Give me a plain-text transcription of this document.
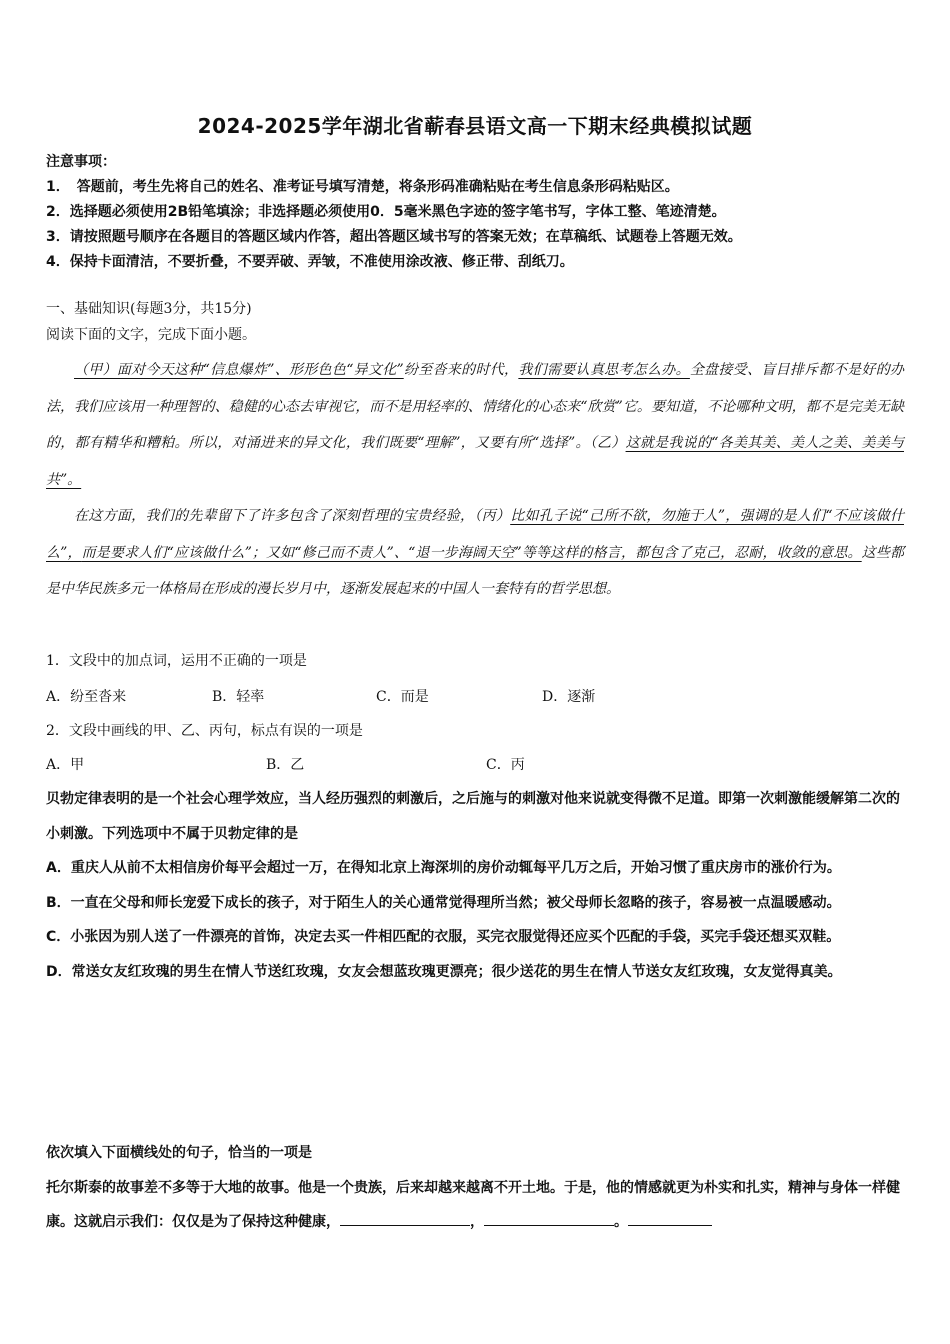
2024-2025学年湖北省蕲春县语文高一下期末经典模拟试题
注意事项：
1．　答题前，考生先将自己的姓名、准考证号填写清楚，将条形码准确粘贴在考生信息条形码粘贴区。
2．选择题必须使用2B铅笔填涂；非选择题必须使用0．5毫米黑色字迹的签字笔书写，字体工整、笔迹清楚。
3．请按照题号顺序在各题目的答题区域内作答，超出答题区域书写的答案无效；在草稿纸、试题卷上答题无效。
4．保持卡面清洁，不要折叠，不要弄破、弄皱，不准使用涂改液、修正带、刮纸刀。
一、基础知识(每题3分，共15分)
阅读下面的文字，完成下面小题。

（甲）面对今天这种“信息爆炸”、形形色色“异文化”纷至沓来的时代，我们需要认真思考怎么办。全盘接受、盲目排斥都不是好的办法，我们应该用一种理智的、稳健的心态去审视它，而不是用轻率的、情绪化的心态来“欣赏”它。要知道，不论哪种文明，都不是完美无缺的，都有精华和糟粕。所以，对涌进来的异文化，我们既要“理解”，又要有所“选择”。（乙）这就是我说的“各美其美、美人之美、美美与共”。

在这方面，我们的先辈留下了许多包含了深刻哲理的宝贵经验，（丙）比如孔子说“己所不欲，勿施于人”，强调的是人们“不应该做什么”，而是要求人们“应该做什么”；又如“修己而不责人”、“退一步海阔天空”等等这样的格言，都包含了克己，忍耐，收敛的意思。这些都是中华民族多元一体格局在形成的漫长岁月中，逐渐发展起来的中国人一套特有的哲学思想。

1．文段中的加点词，运用不正确的一项是
A．纷至沓来	B．轻率	C．而是	D．逐渐
2．文段中画线的甲、乙、丙句，标点有误的一项是
A．甲	B．乙	C．丙

贝勃定律表明的是一个社会心理学效应，当人经历强烈的刺激后，之后施与的刺激对他来说就变得微不足道。即第一次刺激能缓解第二次的小刺激。下列选项中不属于贝勃定律的是

A．重庆人从前不太相信房价每平会超过一万，在得知北京上海深圳的房价动辄每平几万之后，开始习惯了重庆房市的涨价行为。

B．一直在父母和师长宠爱下成长的孩子，对于陌生人的关心通常觉得理所当然；被父母师长忽略的孩子，容易被一点温暖感动。

C．小张因为别人送了一件漂亮的首饰，决定去买一件相匹配的衣服，买完衣服觉得还应买个匹配的手袋，买完手袋还想买双鞋。

D．常送女友红玫瑰的男生在情人节送红玫瑰，女友会想蓝玫瑰更漂亮；很少送花的男生在情人节送女友红玫瑰，女友觉得真美。

依次填入下面横线处的句子，恰当的一项是

托尔斯泰的故事差不多等于大地的故事。他是一个贵族，后来却越来越离不开土地。于是，他的情感就更为朴实和扎实，精神与身体一样健康。这就启示我们：仅仅是为了保持这种健康，	，	。
